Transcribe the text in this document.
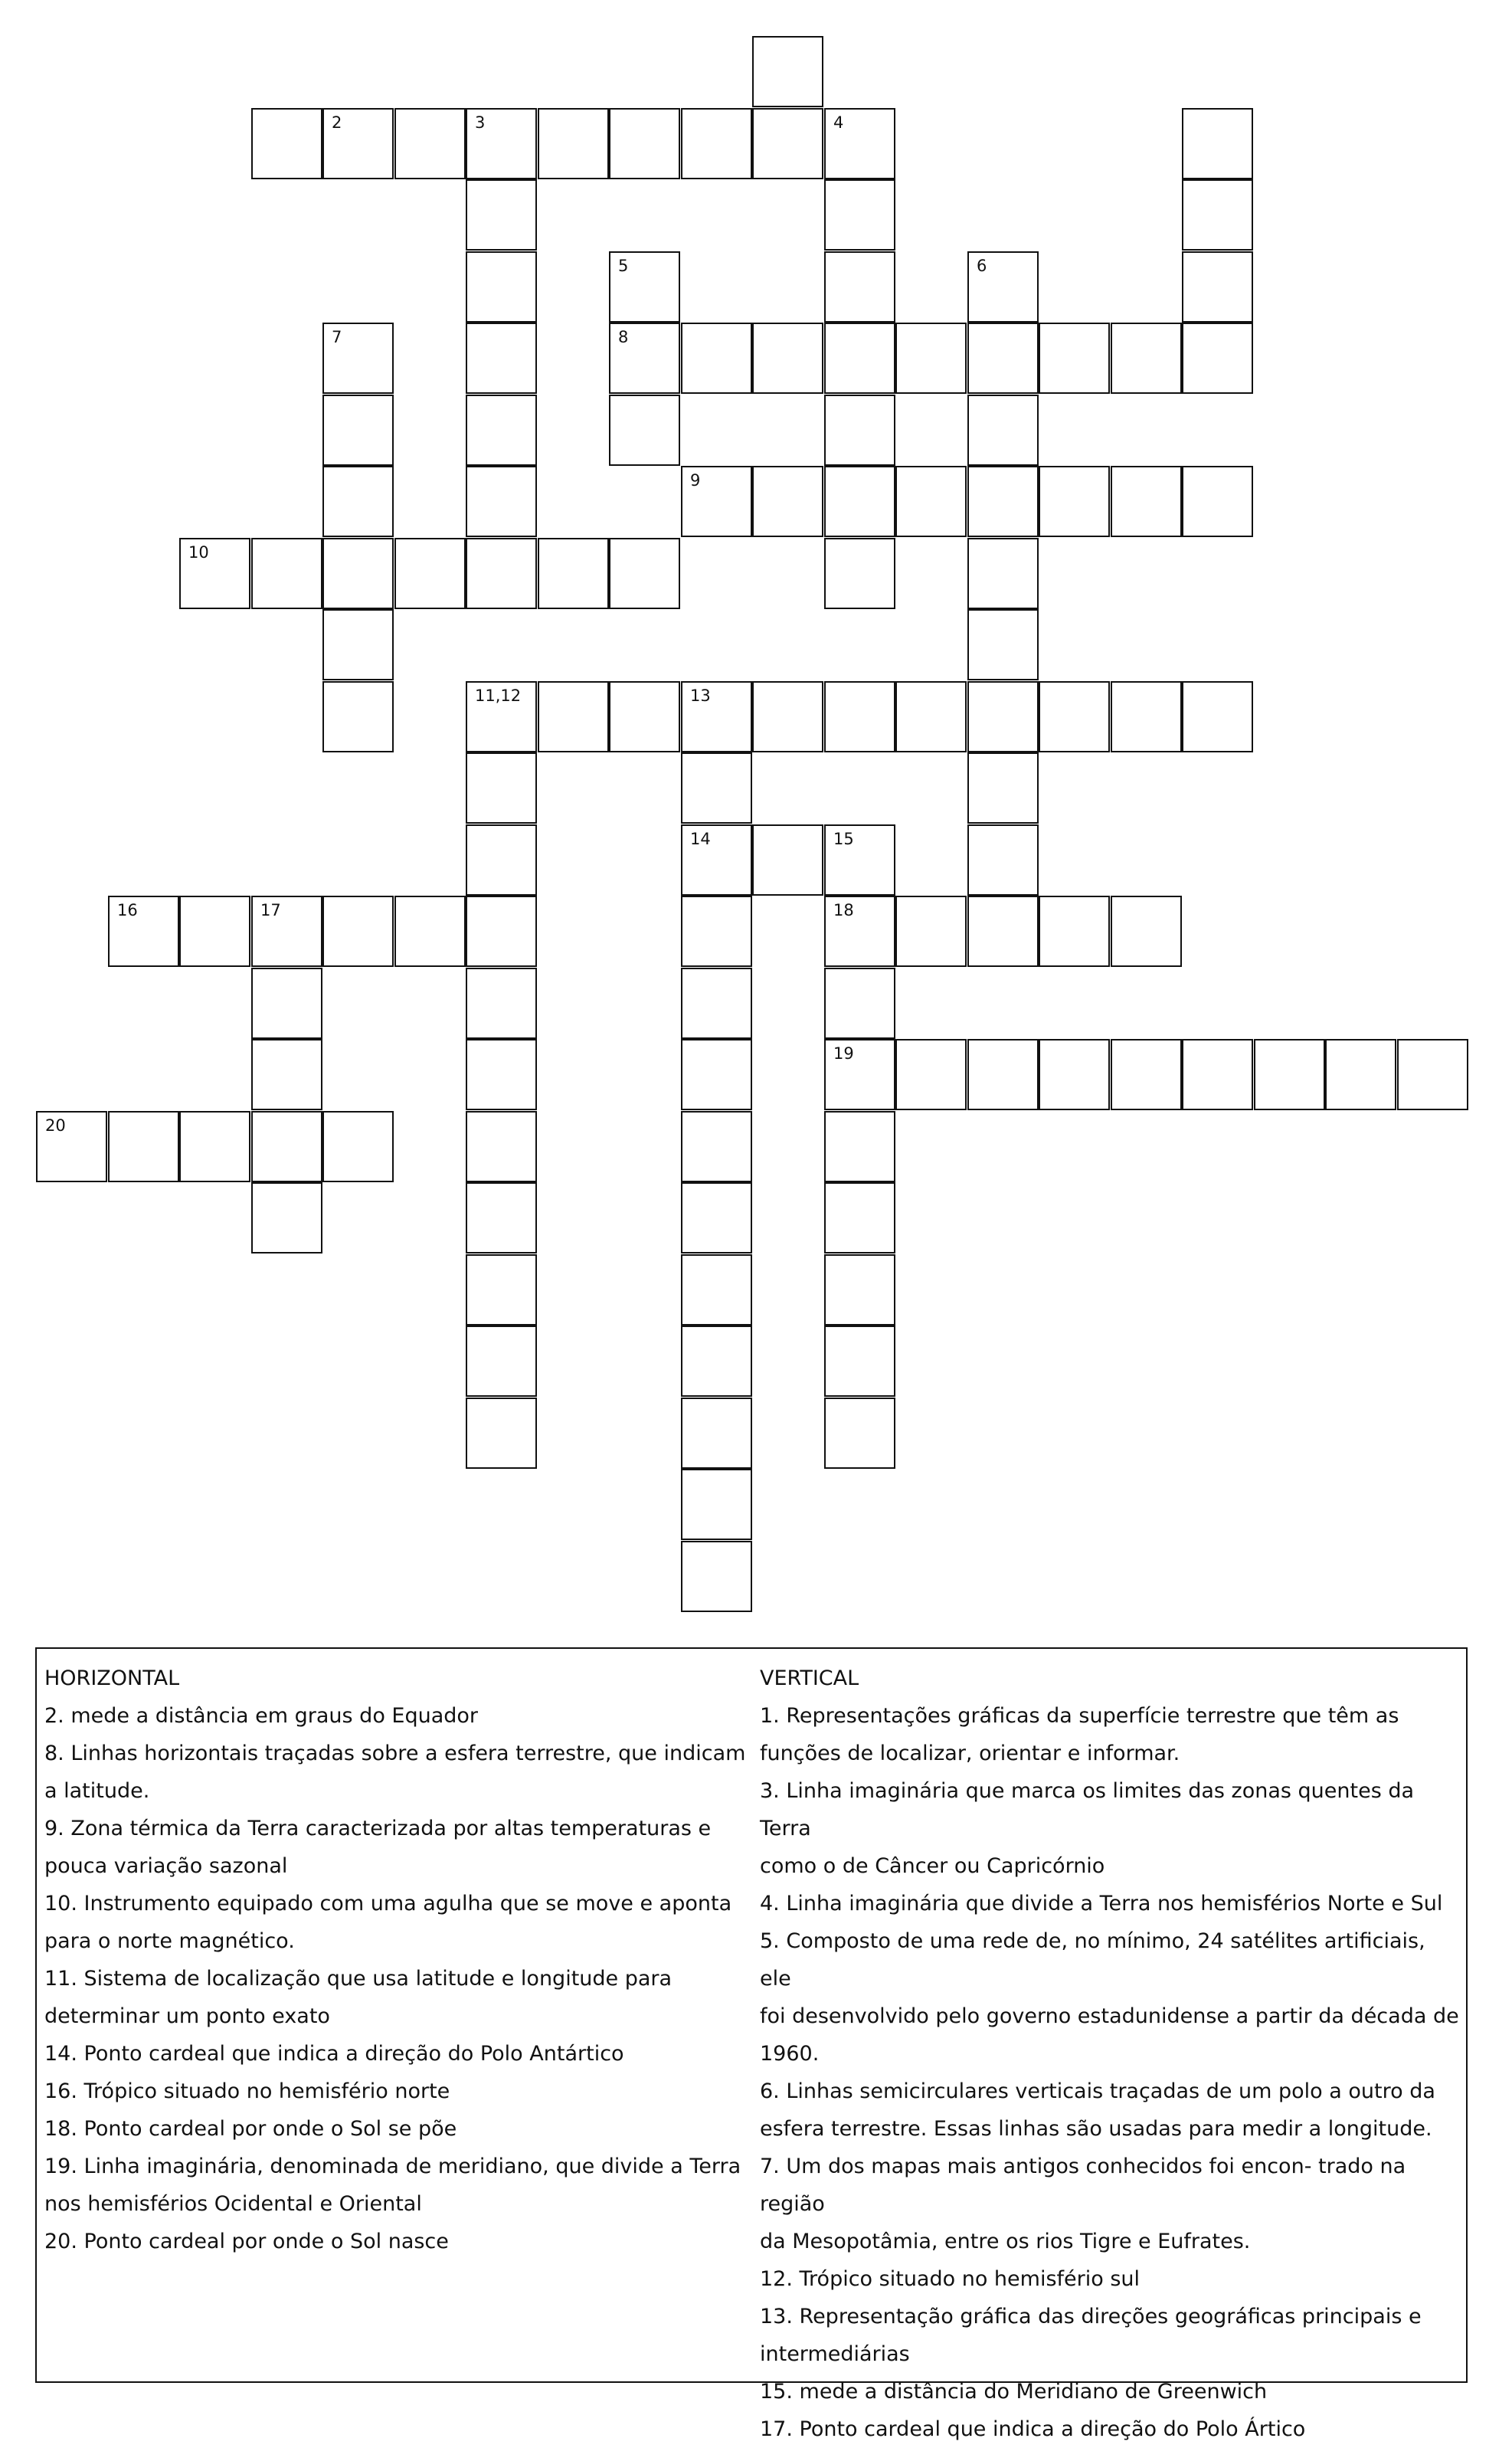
2	3	4
5	6
7	8
9
10
11,12	13
14	15
16	17	18
19
20

HORIZONTAL

2. mede a distância em graus do Equador

8. Linhas horizontais traçadas sobre a esfera terrestre, que indicam

a latitude.

9. Zona térmica da Terra caracterizada por altas temperaturas e

pouca variação sazonal

10. Instrumento equipado com uma agulha que se move e aponta

para o norte magnético.

11. Sistema de localização que usa latitude e longitude para

determinar um ponto exato

14. Ponto cardeal que indica a direção do Polo Antártico

16. Trópico situado no hemisfério norte

18. Ponto cardeal por onde o Sol se põe

19. Linha imaginária, denominada de meridiano, que divide a Terra

nos hemisférios Ocidental e Oriental

20. Ponto cardeal por onde o Sol nasce

VERTICAL

1. Representações gráficas da superfície terrestre que têm as

funções de localizar, orientar e informar.

3. Linha imaginária que marca os limites das zonas quentes da Terra

como o de Câncer ou Capricórnio

4. Linha imaginária que divide a Terra nos hemisférios Norte e Sul

5. Composto de uma rede de, no mínimo, 24 satélites artificiais, ele

foi desenvolvido pelo governo estadunidense a partir da década de

1960.

6. Linhas semicirculares verticais traçadas de um polo a outro da

esfera terrestre. Essas linhas são usadas para medir a longitude.

7. Um dos mapas mais antigos conhecidos foi encon- trado na região

da Mesopotâmia, entre os rios Tigre e Eufrates.

12. Trópico situado no hemisfério sul

13. Representação gráfica das direções geográficas principais e

intermediárias

15. mede a distância do Meridiano de Greenwich

17. Ponto cardeal que indica a direção do Polo Ártico
